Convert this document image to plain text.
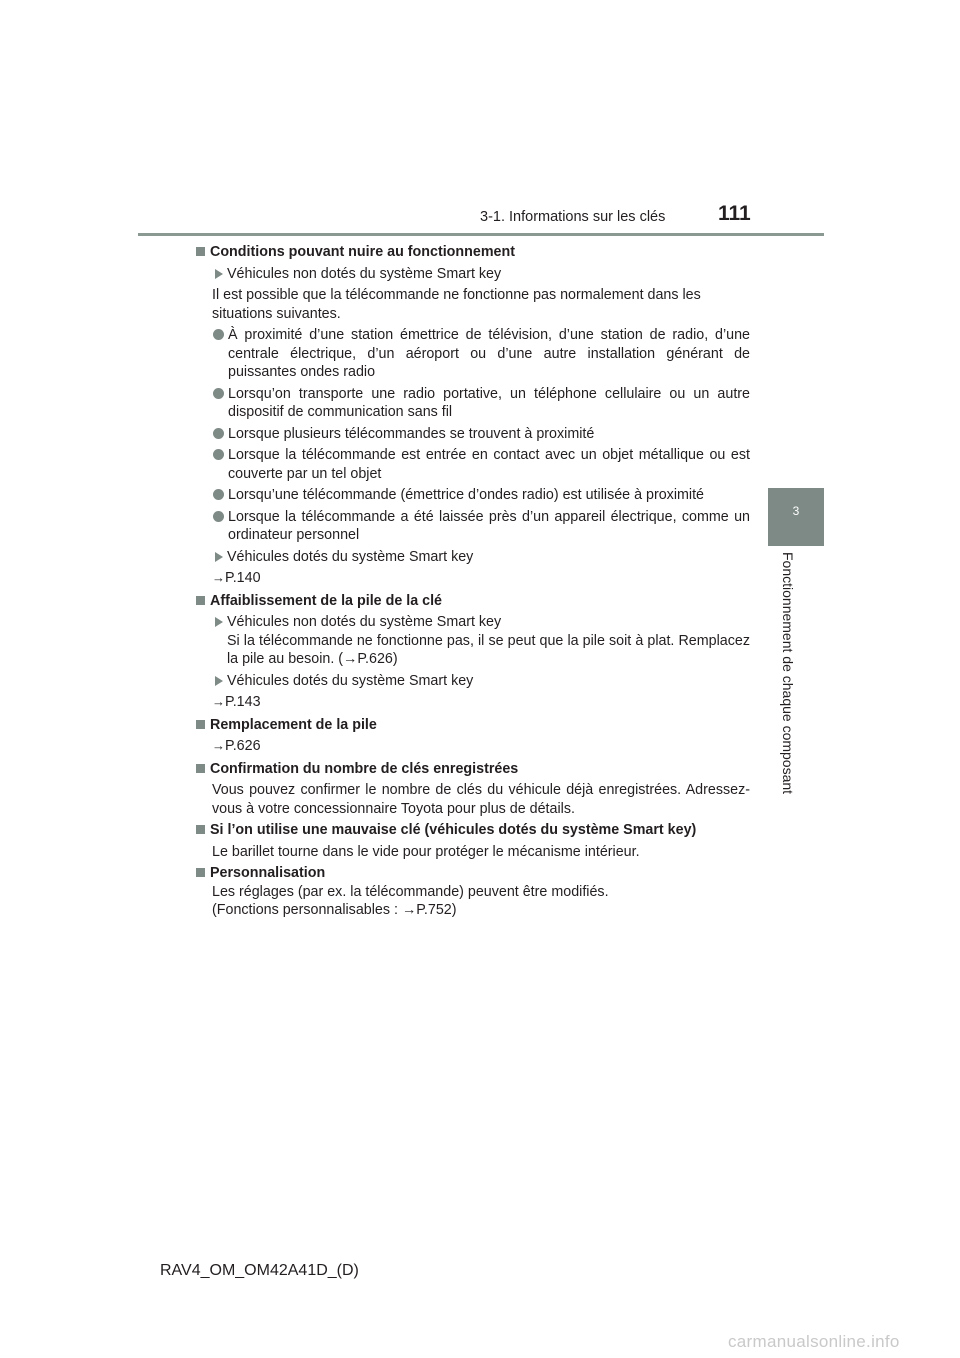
3-1. Informations sur les clés	111
3
Fonctionnement de chaque composant
Conditions pouvant nuire au fonctionnement
Véhicules non dotés du système Smart key
Il est possible que la télécommande ne fonctionne pas normalement dans les situations suivantes.
À proximité d’une station émettrice de télévision, d’une station de radio, d’une centrale électrique, d’un aéroport ou d’une autre installation générant de puissantes ondes radio
Lorsqu’on transporte une radio portative, un téléphone cellulaire ou un autre dispositif de communication sans fil
Lorsque plusieurs télécommandes se trouvent à proximité
Lorsque la télécommande est entrée en contact avec un objet métallique ou est couverte par un tel objet
Lorsqu’une télécommande (émettrice d’ondes radio) est utilisée à proximité
Lorsque la télécommande a été laissée près d’un appareil électrique, comme un ordinateur personnel
Véhicules dotés du système Smart key
→P.140
Affaiblissement de la pile de la clé
Véhicules non dotés du système Smart key
Si la télécommande ne fonctionne pas, il se peut que la pile soit à plat. Remplacez la pile au besoin. (→P.626)
Véhicules dotés du système Smart key
→P.143
Remplacement de la pile
→P.626
Confirmation du nombre de clés enregistrées
Vous pouvez confirmer le nombre de clés du véhicule déjà enregistrées. Adressez-vous à votre concessionnaire Toyota pour plus de détails.
Si l’on utilise une mauvaise clé (véhicules dotés du système Smart key)
Le barillet tourne dans le vide pour protéger le mécanisme intérieur.
Personnalisation
Les réglages (par ex. la télécommande) peuvent être modifiés.
(Fonctions personnalisables : →P.752)
RAV4_OM_OM42A41D_(D)
carmanualsonline.info
